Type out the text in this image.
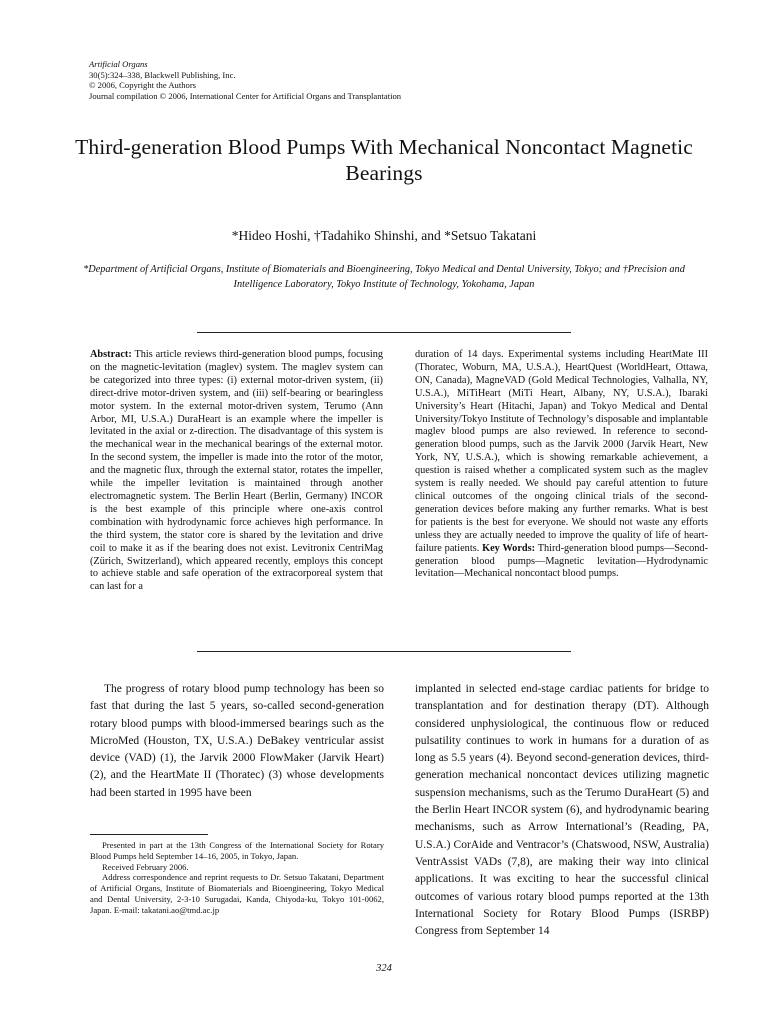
Artificial Organs
30(5):324–338, Blackwell Publishing, Inc.
© 2006, Copyright the Authors
Journal compilation © 2006, International Center for Artificial Organs and Transplantation
Third-generation Blood Pumps With Mechanical Noncontact Magnetic Bearings
*Hideo Hoshi, †Tadahiko Shinshi, and *Setsuo Takatani
*Department of Artificial Organs, Institute of Biomaterials and Bioengineering, Tokyo Medical and Dental University, Tokyo; and †Precision and Intelligence Laboratory, Tokyo Institute of Technology, Yokohama, Japan
Abstract: This article reviews third-generation blood pumps, focusing on the magnetic-levitation (maglev) system. The maglev system can be categorized into three types: (i) external motor-driven system, (ii) direct-drive motor-driven system, and (iii) self-bearing or bearingless motor system. In the external motor-driven system, Terumo (Ann Arbor, MI, U.S.A.) DuraHeart is an example where the impeller is levitated in the axial or z-direction. The disadvantage of this system is the mechanical wear in the mechanical bearings of the external motor. In the second system, the impeller is made into the rotor of the motor, and the magnetic flux, through the external stator, rotates the impeller, while the impeller levitation is maintained through another electromagnetic system. The Berlin Heart (Berlin, Germany) INCOR is the best example of this principle where one-axis control combination with hydrodynamic force achieves high performance. In the third system, the stator core is shared by the levitation and drive coil to make it as if the bearing does not exist. Levitronix CentriMag (Zürich, Switzerland), which appeared recently, employs this concept to achieve stable and safe operation of the extracorporeal system that can last for a
duration of 14 days. Experimental systems including HeartMate III (Thoratec, Woburn, MA, U.S.A.), HeartQuest (WorldHeart, Ottawa, ON, Canada), MagneVAD (Gold Medical Technologies, Valhalla, NY, U.S.A.), MiTiHeart (MiTi Heart, Albany, NY, U.S.A.), Ibaraki University’s Heart (Hitachi, Japan) and Tokyo Medical and Dental University/Tokyo Institute of Technology’s disposable and implantable maglev blood pumps are also reviewed. In reference to second-generation blood pumps, such as the Jarvik 2000 (Jarvik Heart, New York, NY, U.S.A.), which is showing remarkable achievement, a question is raised whether a complicated system such as the maglev system is really needed. We should pay careful attention to future clinical outcomes of the ongoing clinical trials of the second-generation devices before making any further remarks. What is best for patients is the best for everyone. We should not waste any efforts unless they are actually needed to improve the quality of life of heart-failure patients. Key Words: Third-generation blood pumps—Second-generation blood pumps—Magnetic levitation—Hydrodynamic levitation—Mechanical noncontact blood pumps.
The progress of rotary blood pump technology has been so fast that during the last 5 years, so-called second-generation rotary blood pumps with blood-immersed bearings such as the MicroMed (Houston, TX, U.S.A.) DeBakey ventricular assist device (VAD) (1), the Jarvik 2000 FlowMaker (Jarvik Heart) (2), and the HeartMate II (Thoratec) (3) whose developments had been started in 1995 have been
implanted in selected end-stage cardiac patients for bridge to transplantation and for destination therapy (DT). Although considered unphysiological, the continuous flow or reduced pulsatility continues to work in humans for a duration of as long as 5.5 years (4). Beyond second-generation devices, third-generation mechanical noncontact devices utilizing magnetic suspension mechanisms, such as the Terumo DuraHeart (5) and the Berlin Heart INCOR system (6), and hydrodynamic bearing mechanisms, such as Arrow International’s (Reading, PA, U.S.A.) CorAide and Ventracor’s (Chatswood, NSW, Australia) VentrAssist VADs (7,8), are making their way into clinical applications. It was exciting to hear the successful clinical outcomes of various rotary blood pumps reported at the 13th International Society for Rotary Blood Pumps (ISRBP) Congress from September 14

Presented in part at the 13th Congress of the International Society for Rotary Blood Pumps held September 14–16, 2005, in Tokyo, Japan.

Received February 2006.

Address correspondence and reprint requests to Dr. Setsuo Takatani, Department of Artificial Organs, Institute of Biomaterials and Bioengineering, Tokyo Medical and Dental University, 2-3-10 Surugadai, Kanda, Chiyoda-ku, Tokyo 101-0062, Japan. E-mail: takatani.ao@tmd.ac.jp

324
